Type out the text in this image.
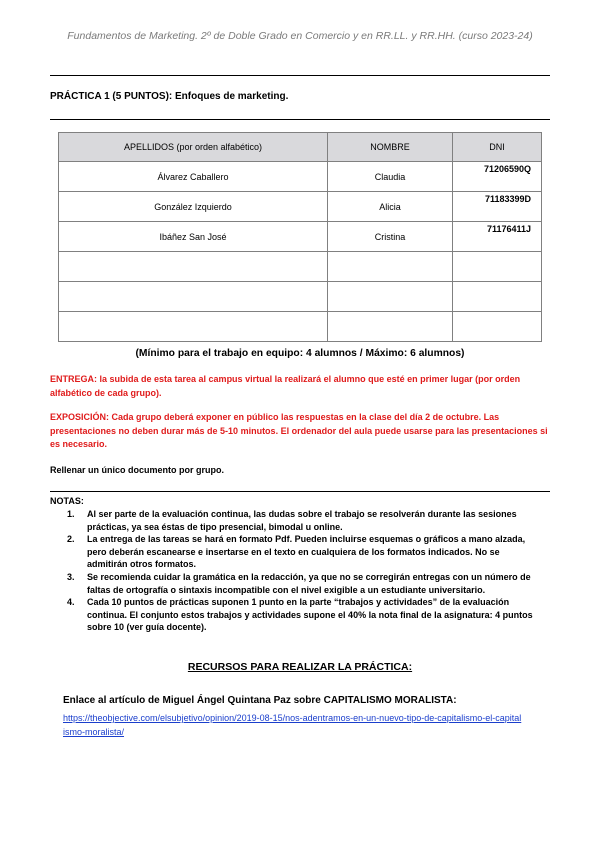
Fundamentos de Marketing. 2º de Doble Grado en Comercio y en RR.LL. y RR.HH. (curso 2023-24)
PRÁCTICA 1 (5 PUNTOS): Enfoques de marketing.
APELLIDOS (por orden alfabético)	NOMBRE	DNI
Álvarez Caballero	Claudia	71206590Q
González Izquierdo	Alicia	71183399D
Ibáñez San José	Cristina	71176411J

(Mínimo para el trabajo en equipo: 4 alumnos / Máximo: 6 alumnos)
ENTREGA: la subida de esta tarea al campus virtual la realizará el alumno que esté en primer lugar (por orden alfabético de cada grupo).
EXPOSICIÓN: Cada grupo deberá exponer en público las respuestas en la clase del día 2 de octubre. Las presentaciones no deben durar más de 5-10 minutos. El ordenador del aula puede usarse para las presentaciones si es necesario.
Rellenar un único documento por grupo.
NOTAS:
1.	Al ser parte de la evaluación continua, las dudas sobre el trabajo se resolverán durante las sesiones prácticas, ya sea éstas de tipo presencial, bimodal u online.
2.	La entrega de las tareas se hará en formato Pdf. Pueden incluirse esquemas o gráficos a mano alzada, pero deberán escanearse e insertarse en el texto en cualquiera de los formatos indicados. No se admitirán otros formatos.
3.	Se recomienda cuidar la gramática en la redacción, ya que no se corregirán entregas con un número de faltas de ortografía o sintaxis incompatible con el nivel exigible a un estudiante universitario.
4.	Cada 10 puntos de prácticas suponen 1 punto en la parte “trabajos y actividades” de la evaluación continua. El conjunto estos trabajos y actividades supone el 40% la nota final de la asignatura: 4 puntos sobre 10 (ver guía docente).
RECURSOS PARA REALIZAR LA PRÁCTICA:
Enlace al artículo de Miguel Ángel Quintana Paz sobre CAPITALISMO MORALISTA:
https://theobjective.com/elsubjetivo/opinion/2019-08-15/nos-adentramos-en-un-nuevo-tipo-de-capitalismo-el-capitalismo-moralista/
